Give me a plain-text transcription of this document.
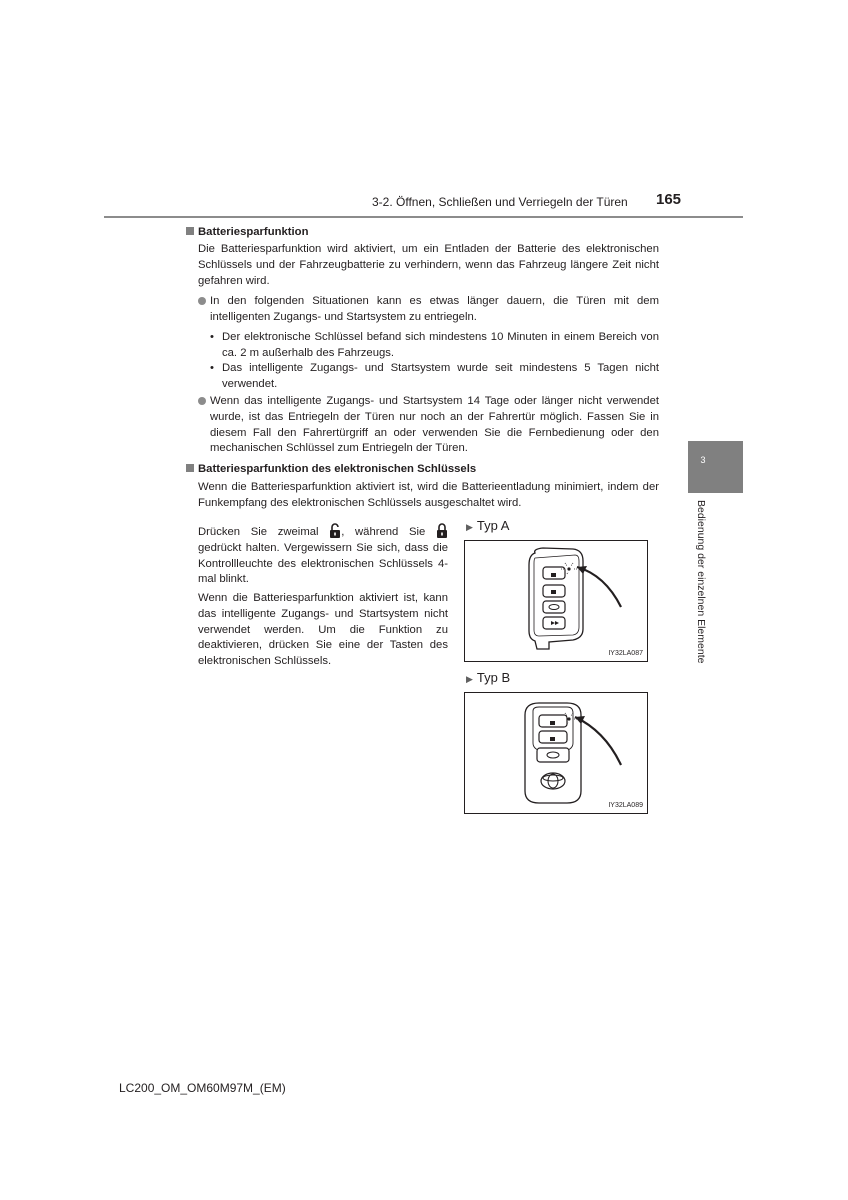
3-2. Öffnen, Schließen und Verriegeln der Türen 165
3
Bedienung der einzelnen Elemente
Batteriesparfunktion
Die Batteriesparfunktion wird aktiviert, um ein Entladen der Batterie des elektronischen Schlüssels und der Fahrzeugbatterie zu verhindern, wenn das Fahrzeug längere Zeit nicht gefahren wird.
In den folgenden Situationen kann es etwas länger dauern, die Türen mit dem intelligenten Zugangs- und Startsystem zu entriegeln.
• Der elektronische Schlüssel befand sich mindestens 10 Minuten in einem Bereich von ca. 2 m außerhalb des Fahrzeugs.
• Das intelligente Zugangs- und Startsystem wurde seit mindestens 5 Tagen nicht verwendet.
Wenn das intelligente Zugangs- und Startsystem 14 Tage oder länger nicht verwendet wurde, ist das Entriegeln der Türen nur noch an der Fahrertür möglich. Fassen Sie in diesem Fall den Fahrertürgriff an oder verwenden Sie die Fernbedienung oder den mechanischen Schlüssel zum Entriegeln der Türen.
Batteriesparfunktion des elektronischen Schlüssels
Wenn die Batteriesparfunktion aktiviert ist, wird die Batterieentladung minimiert, indem der Funkempfang des elektronischen Schlüssels ausgeschaltet wird.
Drücken Sie zweimal , während Sie  gedrückt halten. Vergewissern Sie sich, dass die Kontrollleuchte des elektronischen Schlüssels 4-mal blinkt.
Wenn die Batteriesparfunktion aktiviert ist, kann das intelligente Zugangs- und Startsystem nicht verwendet werden. Um die Funktion zu deaktivieren, drücken Sie eine der Tasten des elektronischen Schlüssels.
▶ Typ A
IY32LA087
▶ Typ B
IY32LA089
LC200_OM_OM60M97M_(EM)
